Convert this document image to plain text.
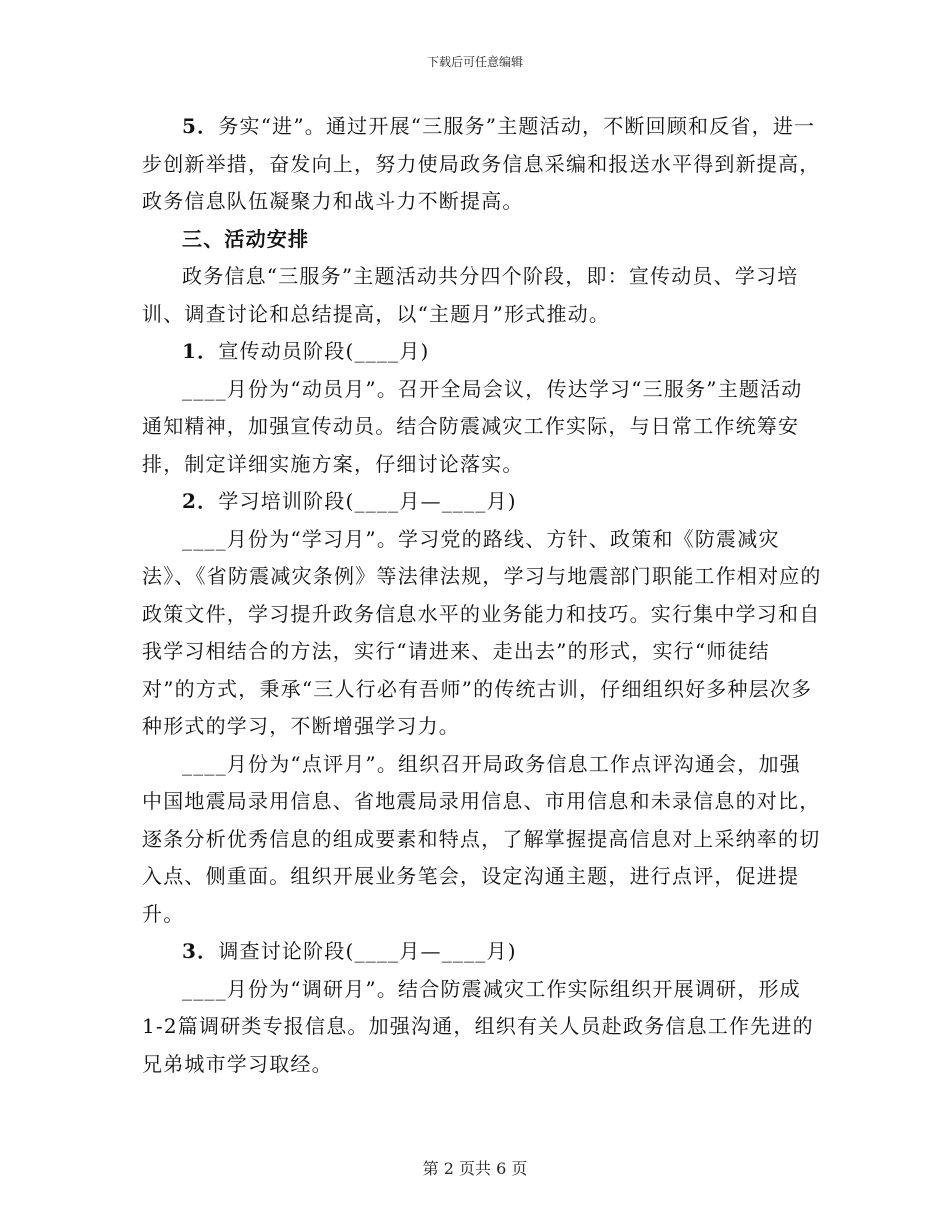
下载后可任意编辑

5．务实“进”。通过开展“三服务”主题活动，不断回顾和反省，进一步创新举措，奋发向上，努力使局政务信息采编和报送水平得到新提高，政务信息队伍凝聚力和战斗力不断提高。

三、活动安排

政务信息“三服务”主题活动共分四个阶段，即：宣传动员、学习培训、调查讨论和总结提高，以“主题月”形式推动。

1．宣传动员阶段(____月)

____月份为“动员月”。召开全局会议，传达学习“三服务”主题活动通知精神，加强宣传动员。结合防震减灾工作实际，与日常工作统筹安排，制定详细实施方案，仔细讨论落实。

2．学习培训阶段(____月—____月)

____月份为“学习月”。学习党的路线、方针、政策和《防震减灾法》、《省防震减灾条例》等法律法规，学习与地震部门职能工作相对应的政策文件，学习提升政务信息水平的业务能力和技巧。实行集中学习和自我学习相结合的方法，实行“请进来、走出去”的形式，实行“师徒结对”的方式，秉承“三人行必有吾师”的传统古训，仔细组织好多种层次多种形式的学习，不断增强学习力。

____月份为“点评月”。组织召开局政务信息工作点评沟通会，加强中国地震局录用信息、省地震局录用信息、市用信息和未录信息的对比，逐条分析优秀信息的组成要素和特点，了解掌握提高信息对上采纳率的切入点、侧重面。组织开展业务笔会，设定沟通主题，进行点评，促进提升。

3．调查讨论阶段(____月—____月)

____月份为“调研月”。结合防震减灾工作实际组织开展调研，形成1-2篇调研类专报信息。加强沟通，组织有关人员赴政务信息工作先进的兄弟城市学习取经。

第 2 页共 6 页
